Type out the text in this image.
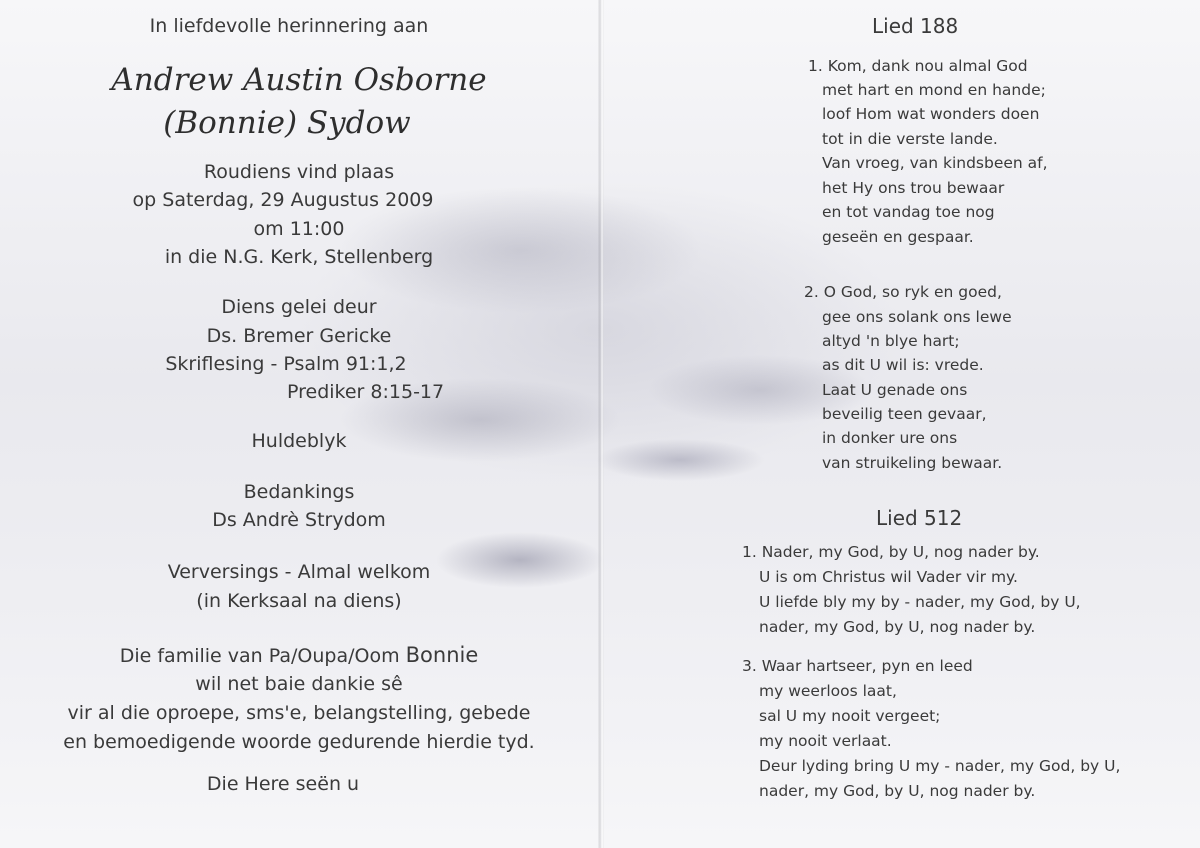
In liefdevolle herinnering aan
Andrew Austin Osborne
(Bonnie) Sydow
Roudiens vind plaas
op Saterdag, 29 Augustus 2009
om 11:00
in die N.G. Kerk, Stellenberg
Diens gelei deur
Ds. Bremer Gericke
Skriflesing - Psalm 91:1,2
Prediker 8:15-17
Huldeblyk
Bedankings
Ds Andrè Strydom
Verversings - Almal welkom
(in Kerksaal na diens)
Die familie van Pa/Oupa/Oom Bonnie
wil net baie dankie sê
vir al die oproepe, sms'e, belangstelling, gebede
en bemoedigende woorde gedurende hierdie tyd.
Die Here seën u
Lied 188
1. Kom, dank nou almal God
met hart en mond en hande;
loof Hom wat wonders doen
tot in die verste lande.
Van vroeg, van kindsbeen af,
het Hy ons trou bewaar
en tot vandag toe nog
geseën en gespaar.
2. O God, so ryk en goed,
gee ons solank ons lewe
altyd 'n blye hart;
as dit U wil is: vrede.
Laat U genade ons
beveilig teen gevaar,
in donker ure ons
van struikeling bewaar.
Lied 512
1. Nader, my God, by U, nog nader by.
U is om Christus wil Vader vir my.
U liefde bly my by - nader, my God, by U,
nader, my God, by U, nog nader by.
3. Waar hartseer, pyn en leed
my weerloos laat,
sal U my nooit vergeet;
my nooit verlaat.
Deur lyding bring U my - nader, my God, by U,
nader, my God, by U, nog nader by.
